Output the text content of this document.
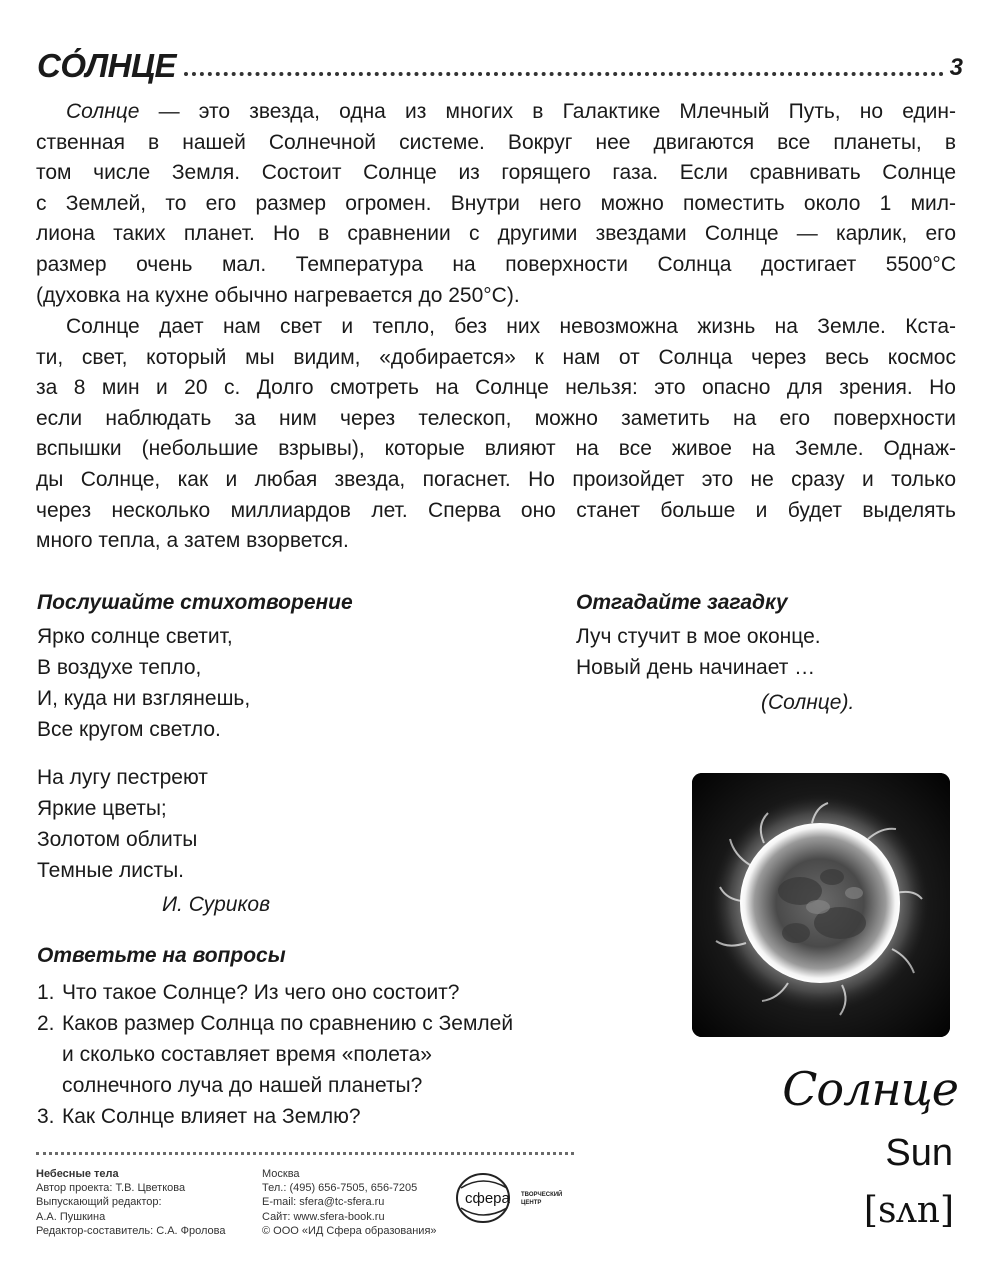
СО́ЛНЦЕ	3
Солнце — это звезда, одна из многих в Галактике Млечный Путь, но един-
ственная в нашей Солнечной системе. Вокруг нее двигаются все планеты, в
том числе Земля. Состоит Солнце из горящего газа. Если сравнивать Солнце
с Землей, то его размер огромен. Внутри него можно поместить около 1 мил-
лиона таких планет. Но в сравнении с другими звездами Солнце — карлик, его
размер очень мал. Температура на поверхности Солнца достигает 5500°С
(духовка на кухне обычно нагревается до 250°С).
Солнце дает нам свет и тепло, без них невозможна жизнь на Земле. Кста-
ти, свет, который мы видим, «добирается» к нам от Солнца через весь космос
за 8 мин и 20 с. Долго смотреть на Солнце нельзя: это опасно для зрения. Но
если наблюдать за ним через телескоп, можно заметить на его поверхности
вспышки (небольшие взрывы), которые влияют на все живое на Земле. Однаж-
ды Солнце, как и любая звезда, погаснет. Но произойдет это не сразу и только
через несколько миллиардов лет. Сперва оно станет больше и будет выделять
много тепла, а затем взорвется.
Послушайте стихотворение
Ярко солнце светит,
В воздухе тепло,
И, куда ни взглянешь,
Все кругом светло.
На лугу пестреют
Яркие цветы;
Золотом облиты
Темные листы.
И. Суриков
Отгадайте загадку
Луч стучит в мое оконце.
Новый день начинает …
(Солнце).
Ответьте на вопросы
1. Что такое Солнце? Из чего оно состоит?
2. Каков размер Солнца по сравнению с Землей
и сколько составляет время «полета»
солнечного луча до нашей планеты?
3. Как Солнце влияет на Землю?
Солнце
Sun
[sʌn]
Небесные тела
Автор проекта: Т.В. Цветкова
Выпускающий редактор:
А.А. Пушкина
Редактор-составитель: С.А. Фролова
Москва
Тел.: (495) 656-7505, 656-7205
E-mail: sfera@tc-sfera.ru
Сайт: www.sfera-book.ru
© ООО «ИД Сфера образования»
сфера ТВОРЧЕСКИЙ
ЦЕНТР
